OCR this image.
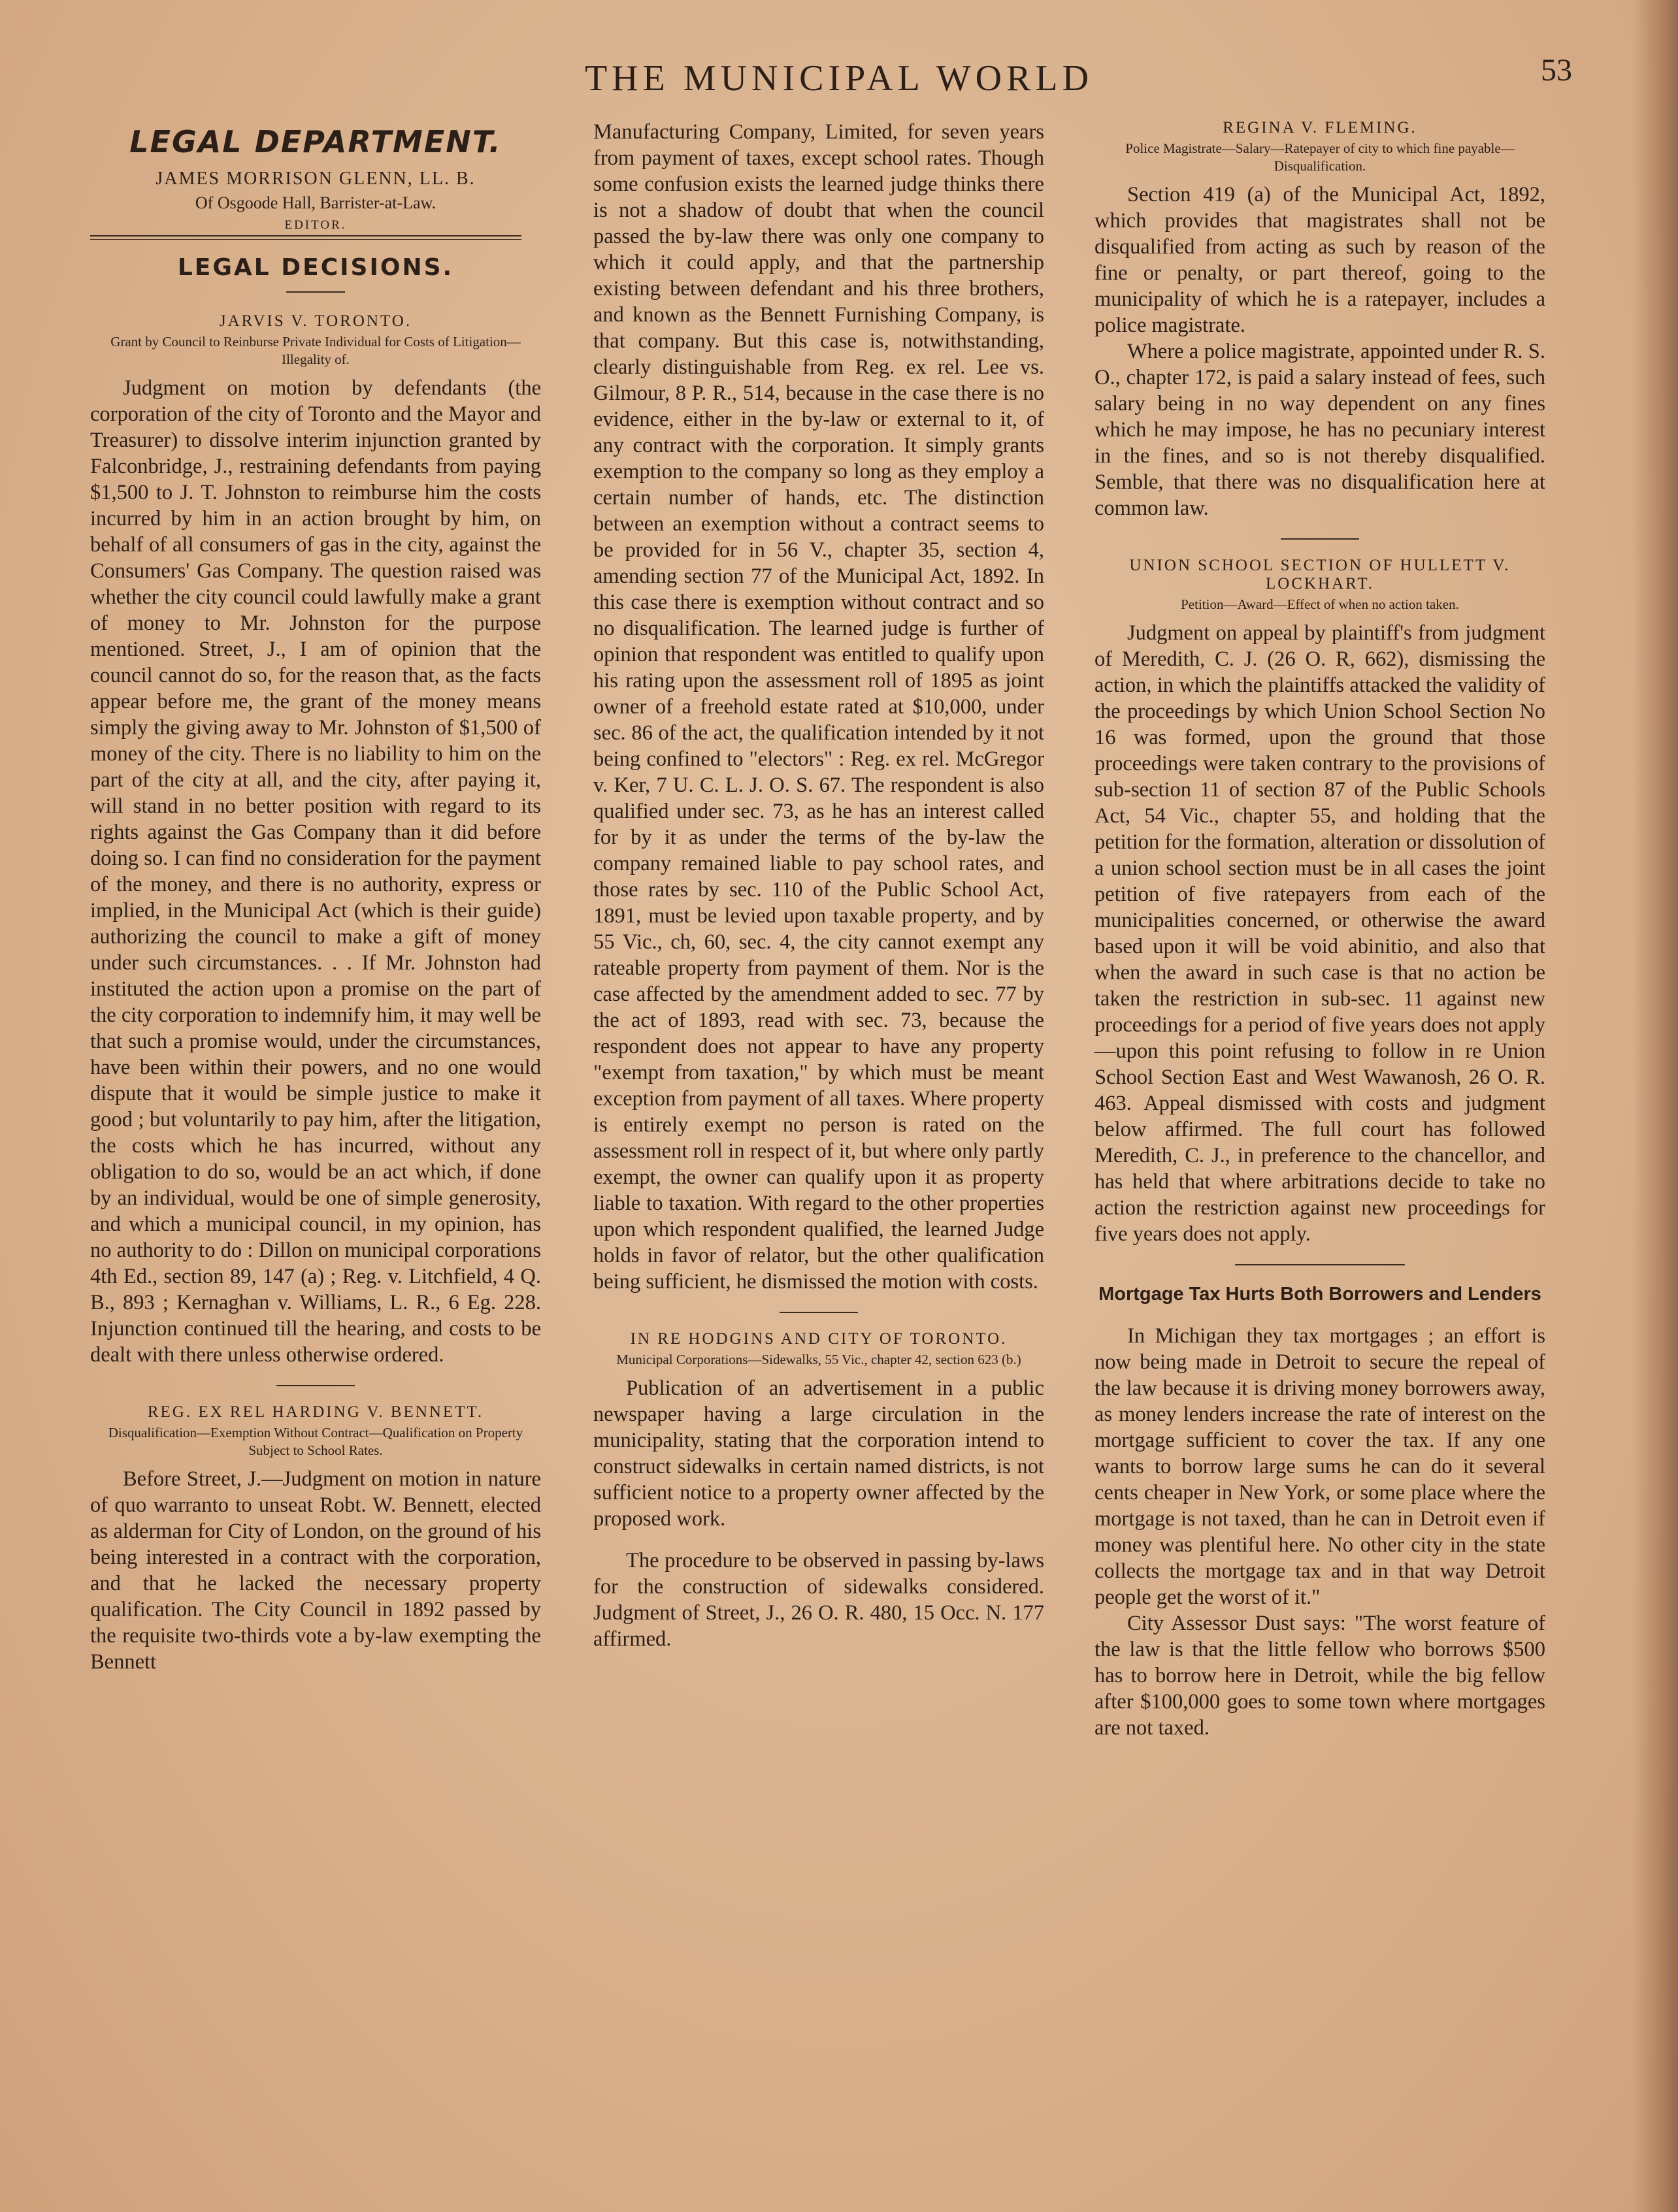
THE MUNICIPAL WORLD	53
LEGAL DEPARTMENT.

JAMES MORRISON GLENN, LL. B.

Of Osgoode Hall, Barrister-at-Law.

EDITOR.

LEGAL DECISIONS.

JARVIS V. TORONTO.

Grant by Council to Reinburse Private Individual for Costs of Litigation—Illegality of.

Judgment on motion by defendants (the corporation of the city of Toronto and the Mayor and Treasurer) to dissolve interim injunction granted by Falconbridge, J., restraining defendants from paying $1,500 to J. T. Johnston to reimburse him the costs incurred by him in an action brought by him, on behalf of all consumers of gas in the city, against the Consumers' Gas Company. The question raised was whether the city council could lawfully make a grant of money to Mr. Johnston for the purpose mentioned. Street, J., I am of opinion that the council cannot do so, for the reason that, as the facts appear before me, the grant of the money means simply the giving away to Mr. Johnston of $1,500 of money of the city. There is no liability to him on the part of the city at all, and the city, after paying it, will stand in no better position with regard to its rights against the Gas Company than it did before doing so. I can find no consideration for the payment of the money, and there is no authority, express or implied, in the Municipal Act (which is their guide) authorizing the council to make a gift of money under such circumstances. . . If Mr. Johnston had instituted the action upon a promise on the part of the city corporation to indemnify him, it may well be that such a promise would, under the circumstances, have been within their powers, and no one would dispute that it would be simple justice to make it good ; but voluntarily to pay him, after the litigation, the costs which he has incurred, without any obligation to do so, would be an act which, if done by an individual, would be one of simple generosity, and which a municipal council, in my opinion, has no authority to do : Dillon on municipal corporations 4th Ed., section 89, 147 (a) ; Reg. v. Litchfield, 4 Q. B., 893 ; Kernaghan v. Williams, L. R., 6 Eg. 228. Injunction continued till the hearing, and costs to be dealt with there unless otherwise ordered.

REG. EX REL HARDING V. BENNETT.

Disqualification—Exemption Without Contract—Qualification on Property Subject to School Rates.

Before Street, J.—Judgment on motion in nature of quo warranto to unseat Robt. W. Bennett, elected as alderman for City of London, on the ground of his being interested in a contract with the corporation, and that he lacked the necessary property qualification. The City Council in 1892 passed by the requisite two-thirds vote a by-law exempting the Bennett

Manufacturing Company, Limited, for seven years from payment of taxes, except school rates. Though some confusion exists the learned judge thinks there is not a shadow of doubt that when the council passed the by-law there was only one company to which it could apply, and that the partnership existing between defendant and his three brothers, and known as the Bennett Furnishing Company, is that company. But this case is, notwithstanding, clearly distinguishable from Reg. ex rel. Lee vs. Gilmour, 8 P. R., 514, because in the case there is no evidence, either in the by-law or external to it, of any contract with the corporation. It simply grants exemption to the company so long as they employ a certain number of hands, etc. The distinction between an exemption without a contract seems to be provided for in 56 V., chapter 35, section 4, amending section 77 of the Municipal Act, 1892. In this case there is exemption without contract and so no disqualification. The learned judge is further of opinion that respondent was entitled to qualify upon his rating upon the assessment roll of 1895 as joint owner of a freehold estate rated at $10,000, under sec. 86 of the act, the qualification intended by it not being confined to "electors" : Reg. ex rel. McGregor v. Ker, 7 U. C. L. J. O. S. 67. The respondent is also qualified under sec. 73, as he has an interest called for by it as under the terms of the by-law the company remained liable to pay school rates, and those rates by sec. 110 of the Public School Act, 1891, must be levied upon taxable property, and by 55 Vic., ch, 60, sec. 4, the city cannot exempt any rateable property from payment of them. Nor is the case affected by the amendment added to sec. 77 by the act of 1893, read with sec. 73, because the respondent does not appear to have any property "exempt from taxation," by which must be meant exception from payment of all taxes. Where property is entirely exempt no person is rated on the assessment roll in respect of it, but where only partly exempt, the owner can qualify upon it as property liable to taxation. With regard to the other properties upon which respondent qualified, the learned Judge holds in favor of relator, but the other qualification being sufficient, he dismissed the motion with costs.

IN RE HODGINS AND CITY OF TORONTO.

Municipal Corporations—Sidewalks, 55 Vic., chapter 42, section 623 (b.)

Publication of an advertisement in a public newspaper having a large circulation in the municipality, stating that the corporation intend to construct sidewalks in certain named districts, is not sufficient notice to a property owner affected by the proposed work.

The procedure to be observed in passing by-laws for the construction of sidewalks considered. Judgment of Street, J., 26 O. R. 480, 15 Occ. N. 177 affirmed.

REGINA V. FLEMING.

Police Magistrate—Salary—Ratepayer of city to which fine payable—Disqualification.

Section 419 (a) of the Municipal Act, 1892, which provides that magistrates shall not be disqualified from acting as such by reason of the fine or penalty, or part thereof, going to the municipality of which he is a ratepayer, includes a police magistrate.

Where a police magistrate, appointed under R. S. O., chapter 172, is paid a salary instead of fees, such salary being in no way dependent on any fines which he may impose, he has no pecuniary interest in the fines, and so is not thereby disqualified. Semble, that there was no disqualification here at common law.

UNION SCHOOL SECTION OF HULLETT V. LOCKHART.

Petition—Award—Effect of when no action taken.

Judgment on appeal by plaintiff's from judgment of Meredith, C. J. (26 O. R, 662), dismissing the action, in which the plaintiffs attacked the validity of the proceedings by which Union School Section No 16 was formed, upon the ground that those proceedings were taken contrary to the provisions of sub-section 11 of section 87 of the Public Schools Act, 54 Vic., chapter 55, and holding that the petition for the formation, alteration or dissolution of a union school section must be in all cases the joint petition of five ratepayers from each of the municipalities concerned, or otherwise the award based upon it will be void abinitio, and also that when the award in such case is that no action be taken the restriction in sub-sec. 11 against new proceedings for a period of five years does not apply—upon this point refusing to follow in re Union School Section East and West Wawanosh, 26 O. R. 463. Appeal dismissed with costs and judgment below affirmed. The full court has followed Meredith, C. J., in preference to the chancellor, and has held that where arbitrations decide to take no action the restriction against new proceedings for five years does not apply.

Mortgage Tax Hurts Both Borrowers and Lenders

In Michigan they tax mortgages ; an effort is now being made in Detroit to secure the repeal of the law because it is driving money borrowers away, as money lenders increase the rate of interest on the mortgage sufficient to cover the tax. If any one wants to borrow large sums he can do it several cents cheaper in New York, or some place where the mortgage is not taxed, than he can in Detroit even if money was plentiful here. No other city in the state collects the mortgage tax and in that way Detroit people get the worst of it."

City Assessor Dust says: "The worst feature of the law is that the little fellow who borrows $500 has to borrow here in Detroit, while the big fellow after $100,000 goes to some town where mortgages are not taxed.
